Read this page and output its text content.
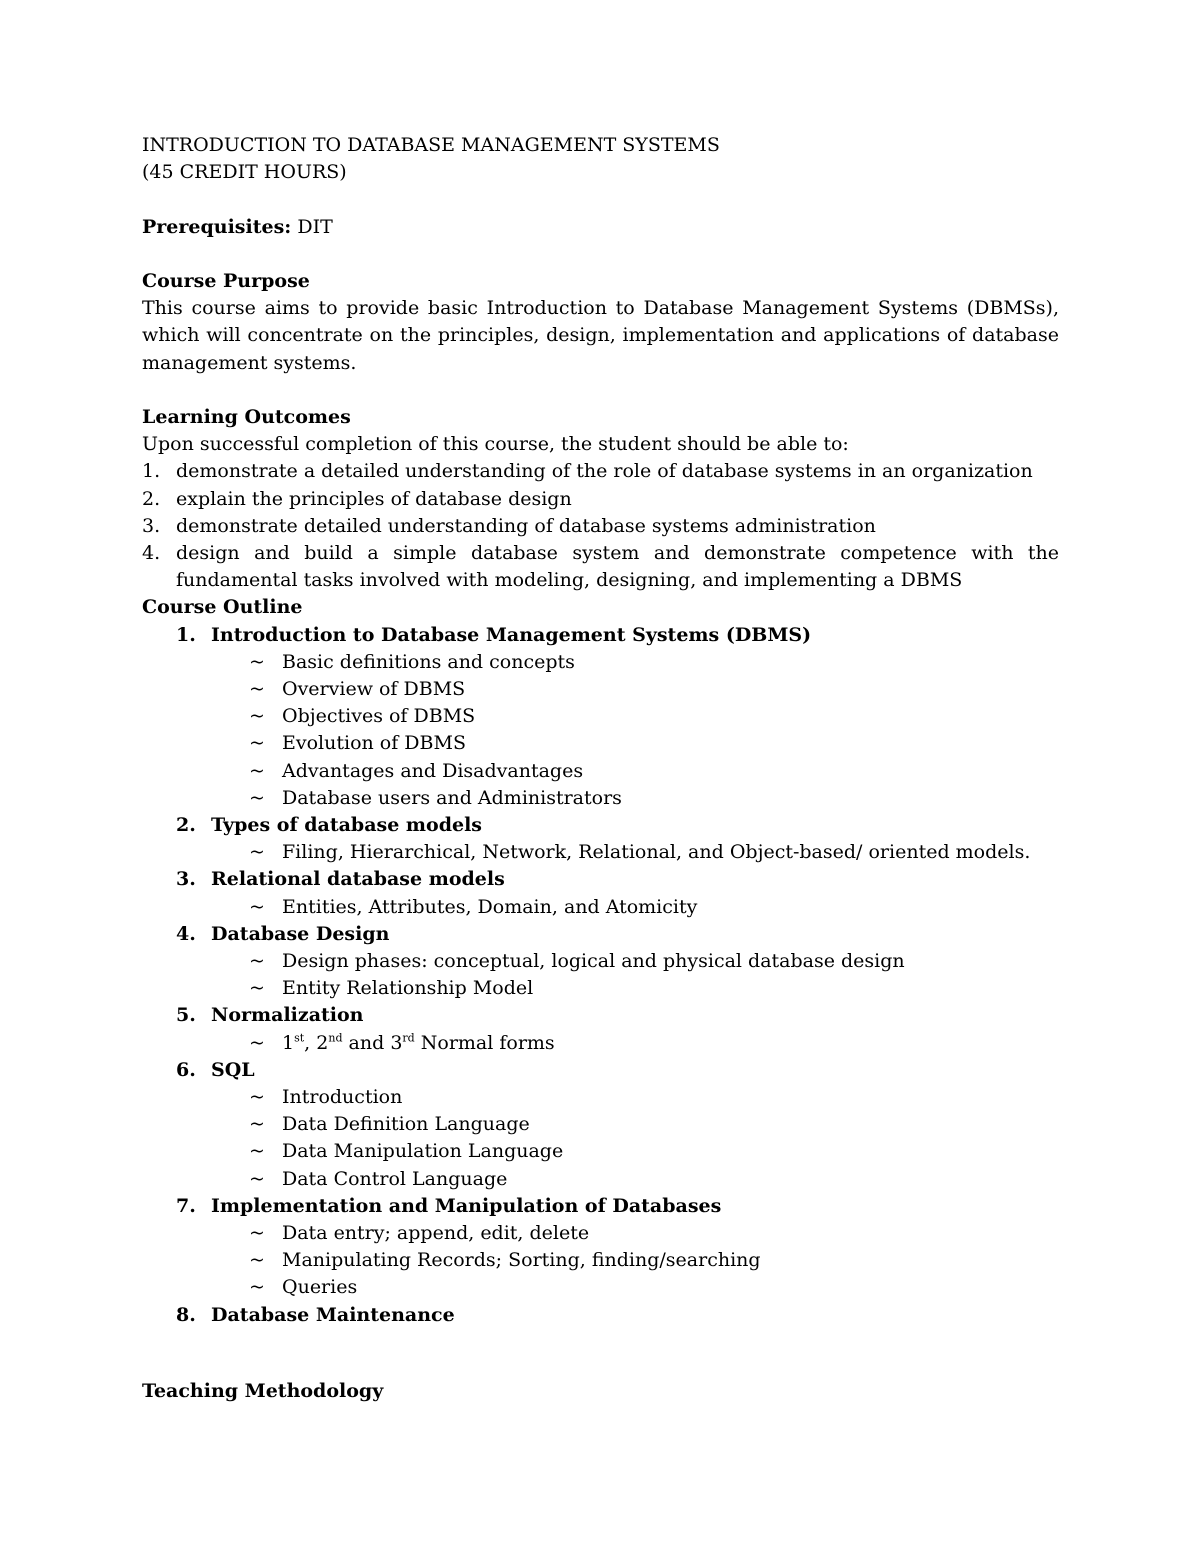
INTRODUCTION TO DATABASE MANAGEMENT SYSTEMS

(45 CREDIT HOURS)

Prerequisites: DIT

Course Purpose

This course aims to provide basic Introduction to Database Management Systems (DBMSs), which will concentrate on the principles, design, implementation and applications of database management systems.

Learning Outcomes

Upon successful completion of this course, the student should be able to:

1. demonstrate a detailed understanding of the role of database systems in an organization
2. explain the principles of database design
3. demonstrate detailed understanding of database systems administration
4. design and build a simple database system and demonstrate competence with the fundamental tasks involved with modeling, designing, and implementing a DBMS

Course Outline

1. Introduction to Database Management Systems (DBMS)
~ Basic definitions and concepts
~ Overview of DBMS
~ Objectives of DBMS
~ Evolution of DBMS
~ Advantages and Disadvantages
~ Database users and Administrators
2. Types of database models
~ Filing, Hierarchical, Network, Relational, and Object-based/ oriented models.
3. Relational database models
~ Entities, Attributes, Domain, and Atomicity
4. Database Design
~ Design phases: conceptual, logical and physical database design
~ Entity Relationship Model
5. Normalization
~ 1st, 2nd and 3rd Normal forms
6. SQL
~ Introduction
~ Data Definition Language
~ Data Manipulation Language
~ Data Control Language
7. Implementation and Manipulation of Databases
~ Data entry; append, edit, delete
~ Manipulating Records; Sorting, finding/searching
~ Queries
8. Database Maintenance

Teaching Methodology
